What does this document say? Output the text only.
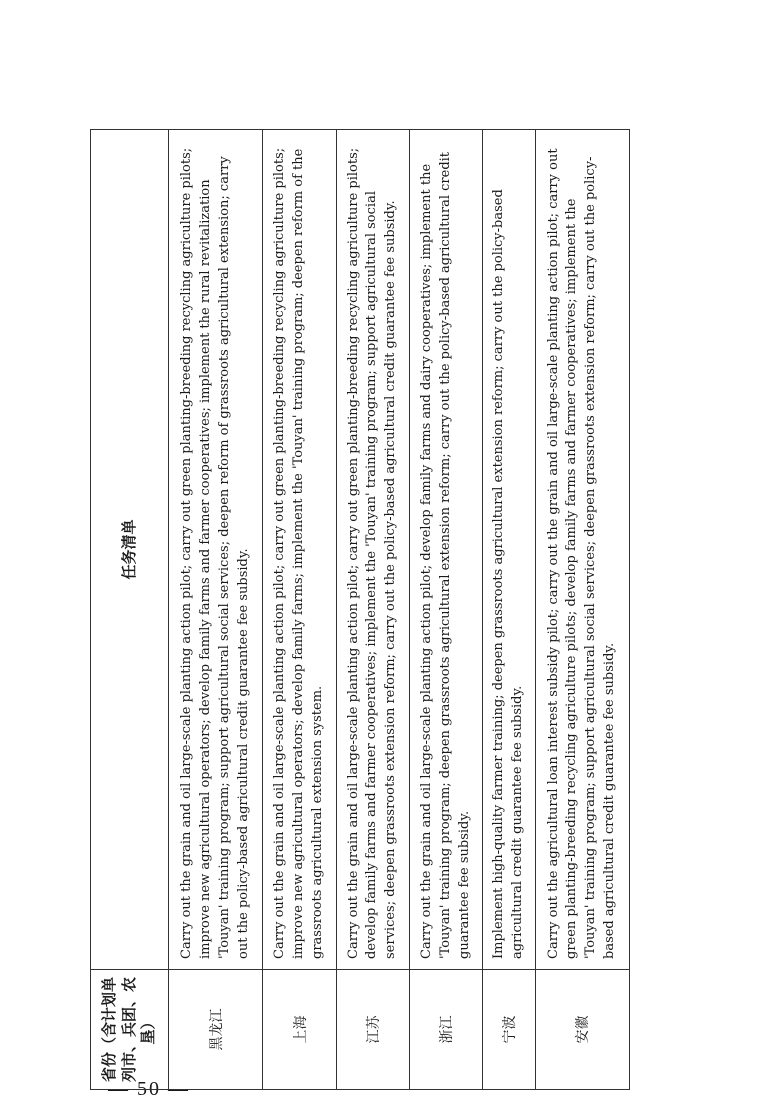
— 50 —
省份（含计划单列市、兵团、农垦）	任务清单
黑龙江	Carry out the grain and oil large-scale planting action pilot; carry out green planting-breeding recycling agriculture pilots; improve new agricultural operators; develop family farms and farmer cooperatives; implement the rural revitalization 'Touyan' training program; support agricultural social services; deepen reform of grassroots agricultural extension; carry out the policy-based agricultural credit guarantee fee subsidy.
上海	Carry out the grain and oil large-scale planting action pilot; carry out green planting-breeding recycling agriculture pilots; improve new agricultural operators; develop family farms; implement the 'Touyan' training program; deepen reform of the grassroots agricultural extension system.
江苏	Carry out the grain and oil large-scale planting action pilot; carry out green planting-breeding recycling agriculture pilots; develop family farms and farmer cooperatives; implement the 'Touyan' training program; support agricultural social services; deepen grassroots extension reform; carry out the policy-based agricultural credit guarantee fee subsidy.
浙江	Carry out the grain and oil large-scale planting action pilot; develop family farms and dairy cooperatives; implement the 'Touyan' training program; deepen grassroots agricultural extension reform; carry out the policy-based agricultural credit guarantee fee subsidy.
宁波	Implement high-quality farmer training; deepen grassroots agricultural extension reform; carry out the policy-based agricultural credit guarantee fee subsidy.
安徽	Carry out the agricultural loan interest subsidy pilot; carry out the grain and oil large-scale planting action pilot; carry out green planting-breeding recycling agriculture pilots; develop family farms and farmer cooperatives; implement the 'Touyan' training program; support agricultural social services; deepen grassroots extension reform; carry out the policy-based agricultural credit guarantee fee subsidy.
